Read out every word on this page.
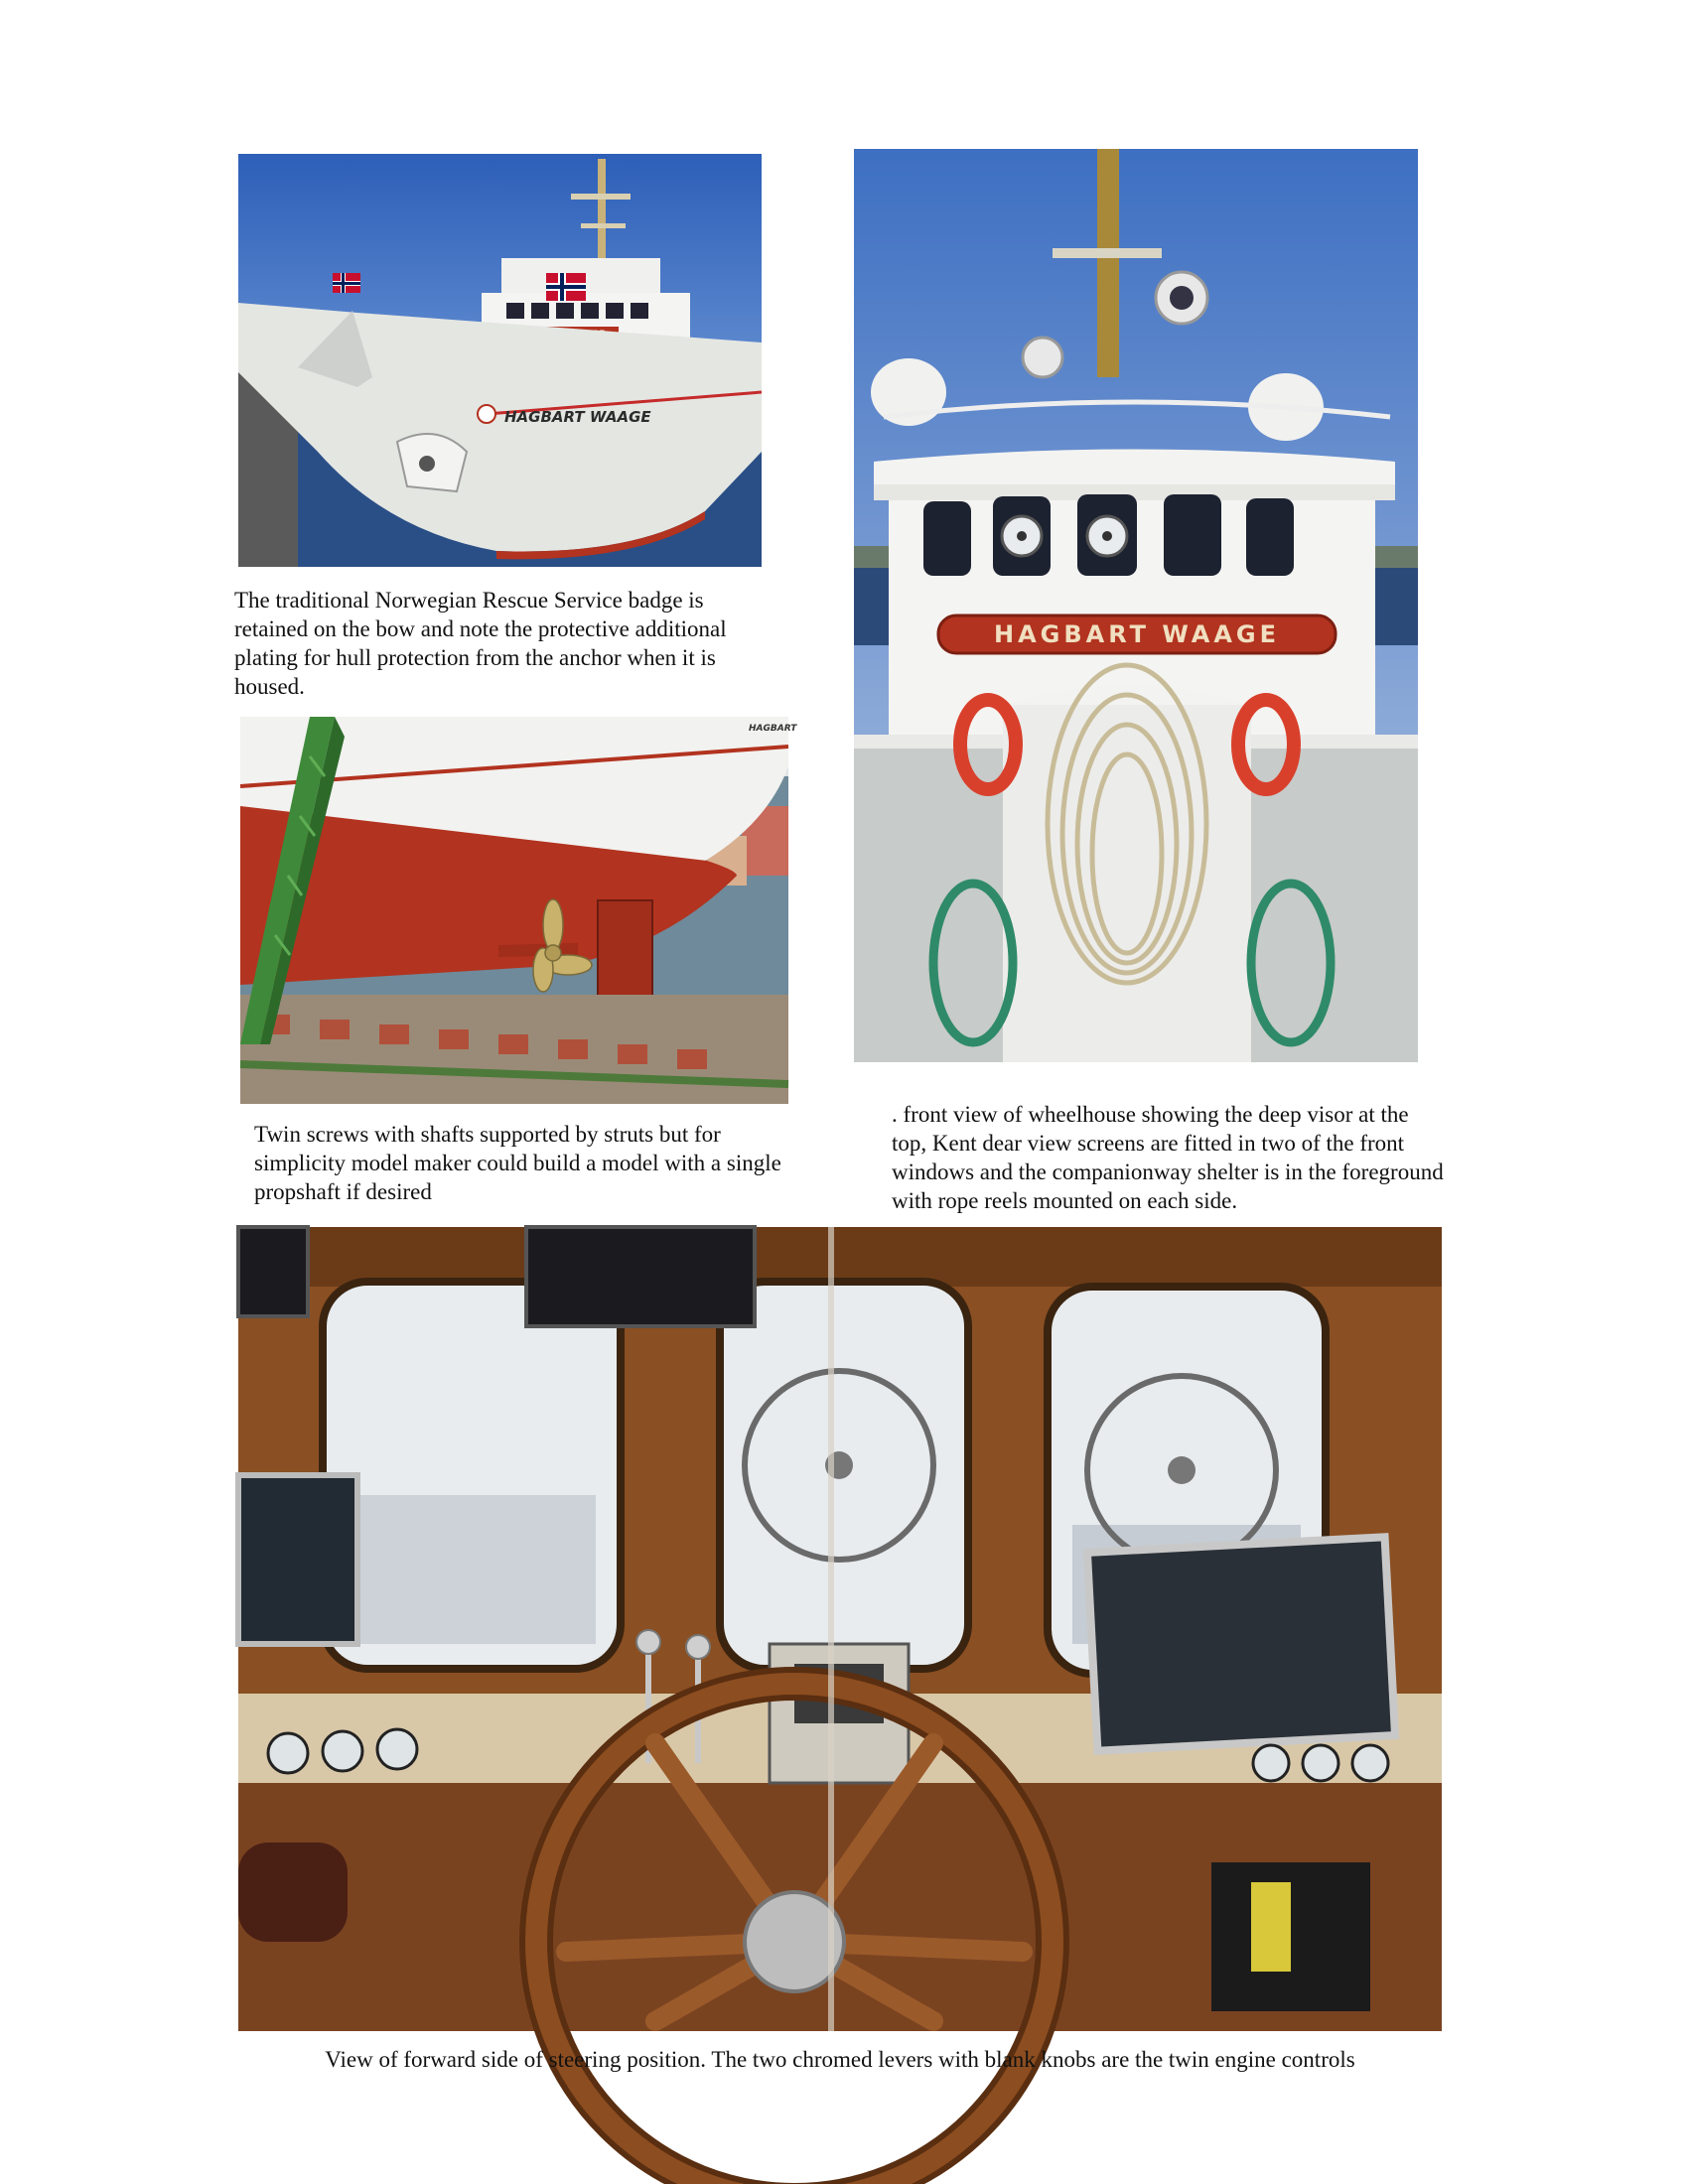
HAGBART WAAGE

The traditional Norwegian Rescue Service badge is retained on the bow and note the protective additional plating for hull protection from the anchor when it is housed.

HAGBART

Twin screws with shafts supported by struts but for simplicity model maker could build a model with a single propshaft if desired

HAGBART WAAGE

. front view of wheelhouse showing the deep visor at the top, Kent dear view screens are fitted in two of the front windows and the companionway shelter is in the foreground with rope reels mounted on each side.

View of forward side of steering position. The two chromed levers with blank knobs are the twin engine controls
